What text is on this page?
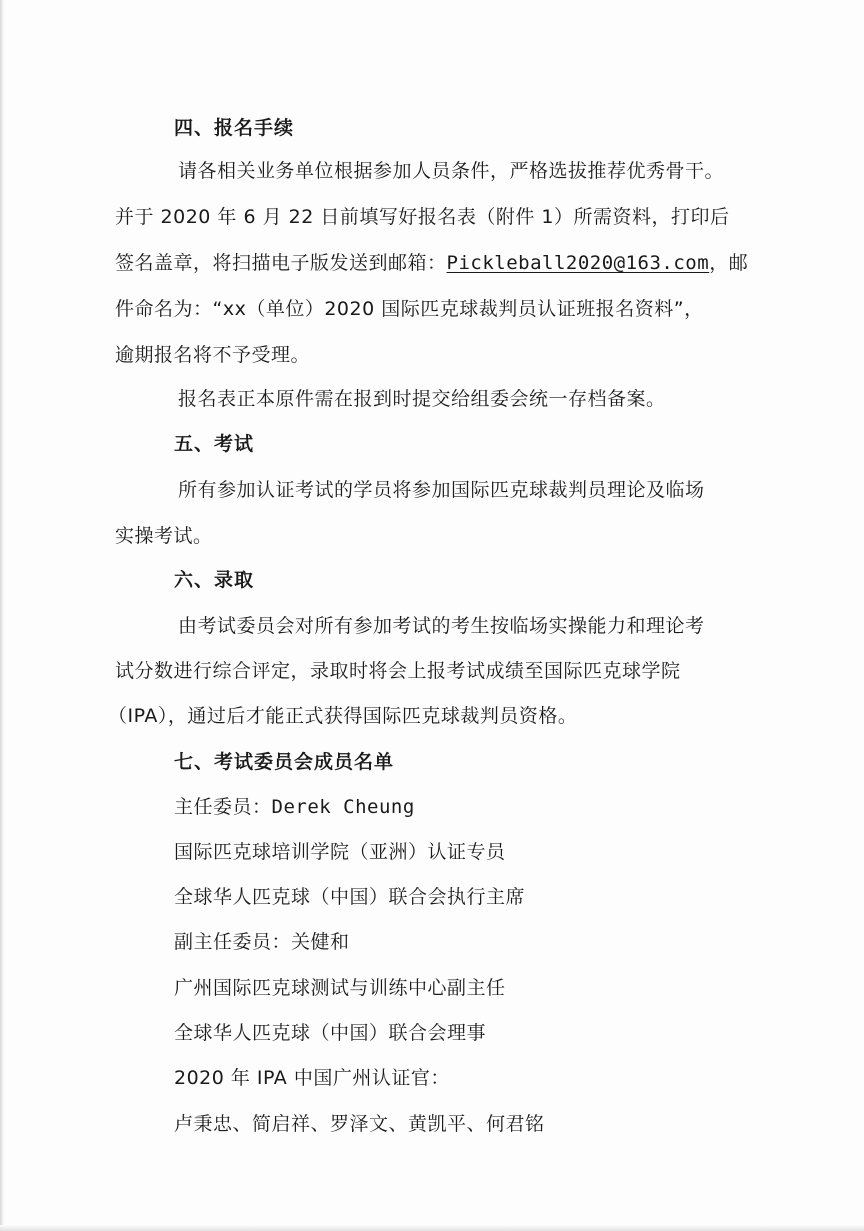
四、报名手续
请各相关业务单位根据参加人员条件，严格选拔推荐优秀骨干。
并于 2020 年 6 月 22 日前填写好报名表（附件 1）所需资料，打印后
签名盖章，将扫描电子版发送到邮箱：Pickleball2020@163.com，邮
件命名为：“xx（单位）2020 国际匹克球裁判员认证班报名资料”，
逾期报名将不予受理。
报名表正本原件需在报到时提交给组委会统一存档备案。
五、考试
所有参加认证考试的学员将参加国际匹克球裁判员理论及临场
实操考试。
六、录取
由考试委员会对所有参加考试的考生按临场实操能力和理论考
试分数进行综合评定，录取时将会上报考试成绩至国际匹克球学院
（IPA），通过后才能正式获得国际匹克球裁判员资格。
七、考试委员会成员名单
主任委员：Derek Cheung
国际匹克球培训学院（亚洲）认证专员
全球华人匹克球（中国）联合会执行主席
副主任委员：关健和
广州国际匹克球测试与训练中心副主任
全球华人匹克球（中国）联合会理事
2020 年 IPA 中国广州认证官：
卢秉忠、简启祥、罗泽文、黄凯平、何君铭
